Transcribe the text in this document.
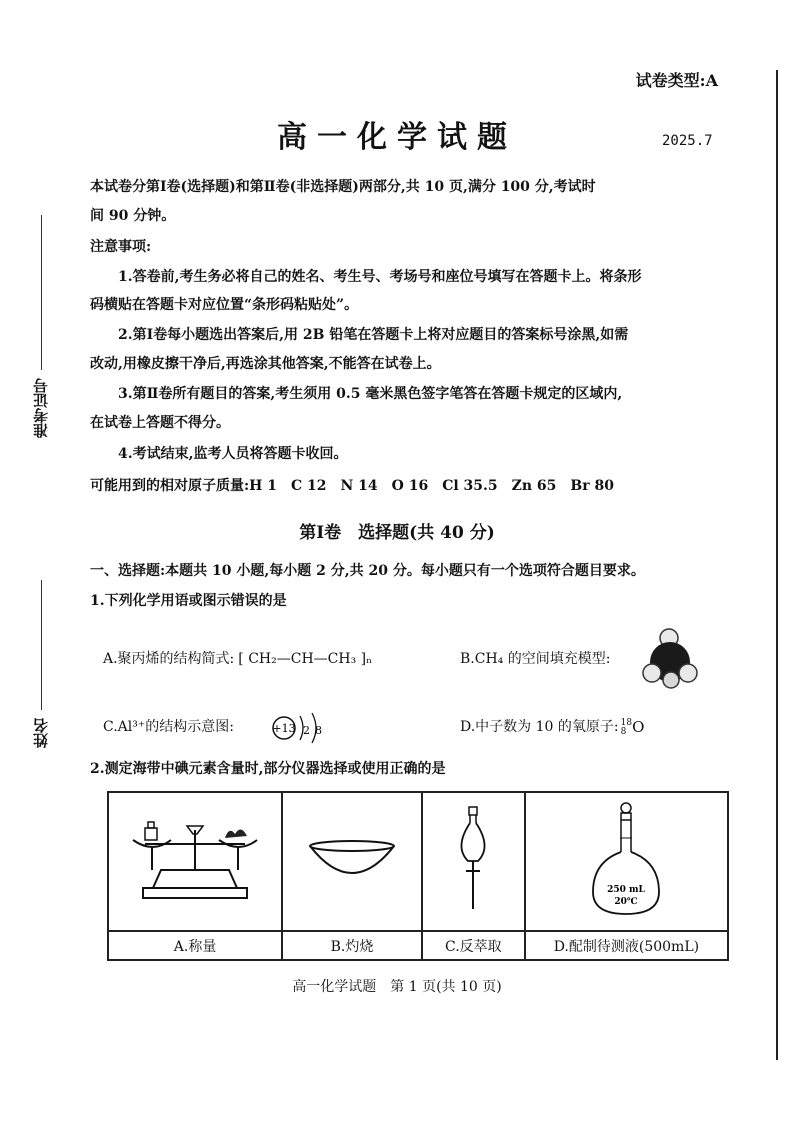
准考证号
姓名
试卷类型:A
高一化学试题	2025.7
本试卷分第Ⅰ卷(选择题)和第Ⅱ卷(非选择题)两部分,共 10 页,满分 100 分,考试时
间 90 分钟。
注意事项:
1.答卷前,考生务必将自己的姓名、考生号、考场号和座位号填写在答题卡上。将条形
码横贴在答题卡对应位置“条形码粘贴处”。
2.第Ⅰ卷每小题选出答案后,用 2B 铅笔在答题卡上将对应题目的答案标号涂黑,如需
改动,用橡皮擦干净后,再选涂其他答案,不能答在试卷上。
3.第Ⅱ卷所有题目的答案,考生须用 0.5 毫米黑色签字笔答在答题卡规定的区域内,
在试卷上答题不得分。
4.考试结束,监考人员将答题卡收回。
可能用到的相对原子质量:H 1　C 12　N 14　O 16　Cl 35.5　Zn 65　Br 80
第Ⅰ卷　选择题(共 40 分)
一、选择题:本题共 10 小题,每小题 2 分,共 20 分。每小题只有一个选项符合题目要求。
1.下列化学用语或图示错误的是
A.聚丙烯的结构简式: [ CH₂—CH—CH₃ ]ₙ	B.CH₄ 的空间填充模型:
C.Al³⁺的结构示意图:	+13 2 8	D.中子数为 10 的氧原子: 18
8 O
2.测定海带中碘元素含量时,部分仪器选择或使用正确的是

250 mL
20℃

A.称量	B.灼烧	C.反萃取	D.配制待测液(500mL)
高一化学试题　第 1 页(共 10 页)
